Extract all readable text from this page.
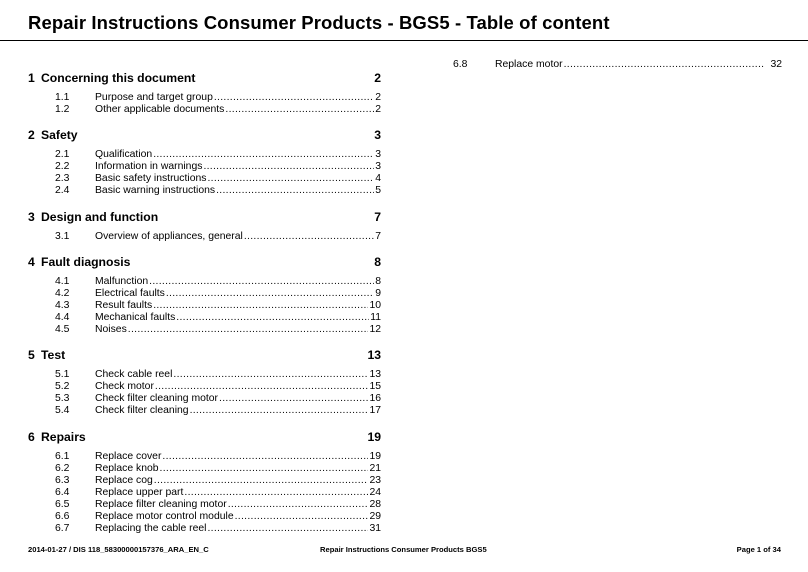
Repair Instructions Consumer Products - BGS5 - Table of content
1 Concerning this document	2
1.1	Purpose and target group .....	2
1.2	Other applicable documents .....	2
2 Safety	3
2.1	Qualification .....	3
2.2	Information in warnings .....	3
2.3	Basic safety instructions .....	4
2.4	Basic warning instructions .....	5
3 Design and function	7
3.1	Overview of appliances, general .....	7
4 Fault diagnosis	8
4.1	Malfunction .....	8
4.2	Electrical faults .....	9
4.3	Result faults .....	10
4.4	Mechanical faults .....	11
4.5	Noises .....	12
5 Test	13
5.1	Check cable reel .....	13
5.2	Check motor .....	15
5.3	Check filter cleaning motor .....	16
5.4	Check filter cleaning .....	17
6 Repairs	19
6.1	Replace cover .....	19
6.2	Replace knob .....	21
6.3	Replace cog .....	23
6.4	Replace upper part .....	24
6.5	Replace filter cleaning motor .....	28
6.6	Replace motor control module .....	29
6.7	Replacing the cable reel .....	31
6.8	Replace motor .....	32
2014-01-27 / DIS 118_58300000157376_ARA_EN_C	Repair Instructions Consumer Products BGS5	Page 1 of 34
